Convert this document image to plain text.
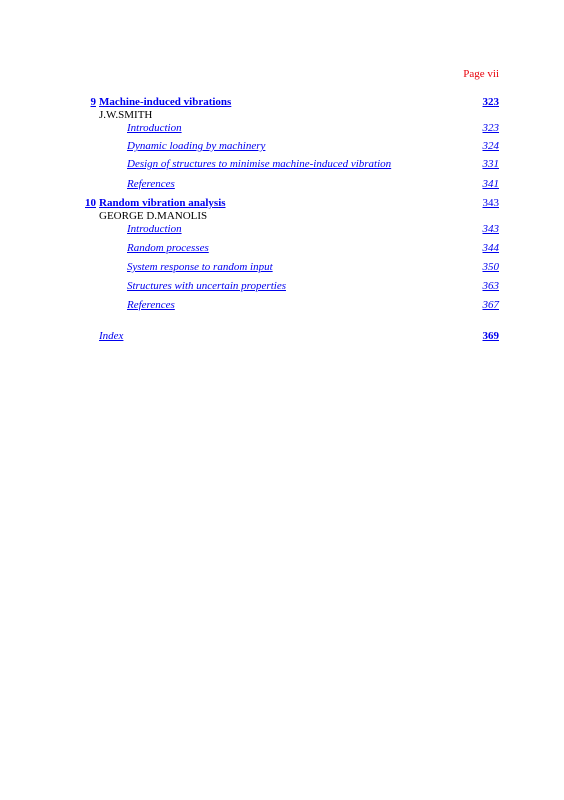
Page vii
9 Machine-induced vibrations	323
J.W.SMITH
Introduction	323
Dynamic loading by machinery	324
Design of structures to minimise machine-induced vibration	331
References	341
10 Random vibration analysis	343
GEORGE D.MANOLIS
Introduction	343
Random processes	344
System response to random input	350
Structures with uncertain properties	363
References	367
Index	369
